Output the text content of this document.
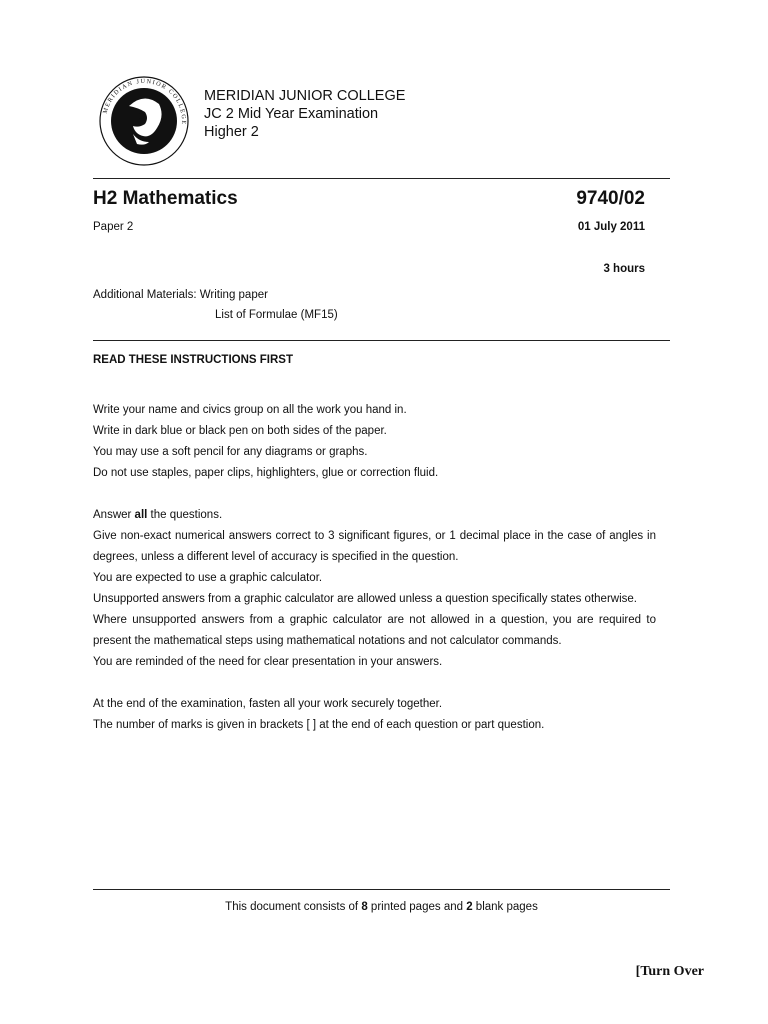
MERIDIAN JUNIOR COLLEGE
MERIDIAN JUNIOR COLLEGE
JC 2 Mid Year Examination
Higher 2
H2 Mathematics	9740/02
Paper 2	01 July 2011
3 hours
Additional Materials: Writing paper
List of Formulae (MF15)
READ THESE INSTRUCTIONS FIRST

Write your name and civics group on all the work you hand in.

Write in dark blue or black pen on both sides of the paper.

You may use a soft pencil for any diagrams or graphs.

Do not use staples, paper clips, highlighters, glue or correction fluid.

Answer all the questions.

Give non-exact numerical answers correct to 3 significant figures, or 1 decimal place in the case of angles in degrees, unless a different level of accuracy is specified in the question.

You are expected to use a graphic calculator.

Unsupported answers from a graphic calculator are allowed unless a question specifically states otherwise.

Where unsupported answers from a graphic calculator are not allowed in a question, you are required to present the mathematical steps using mathematical notations and not calculator commands.

You are reminded of the need for clear presentation in your answers.

At the end of the examination, fasten all your work securely together.

The number of marks is given in brackets [ ] at the end of each question or part question.

This document consists of 8 printed pages and 2 blank pages
[Turn Over
